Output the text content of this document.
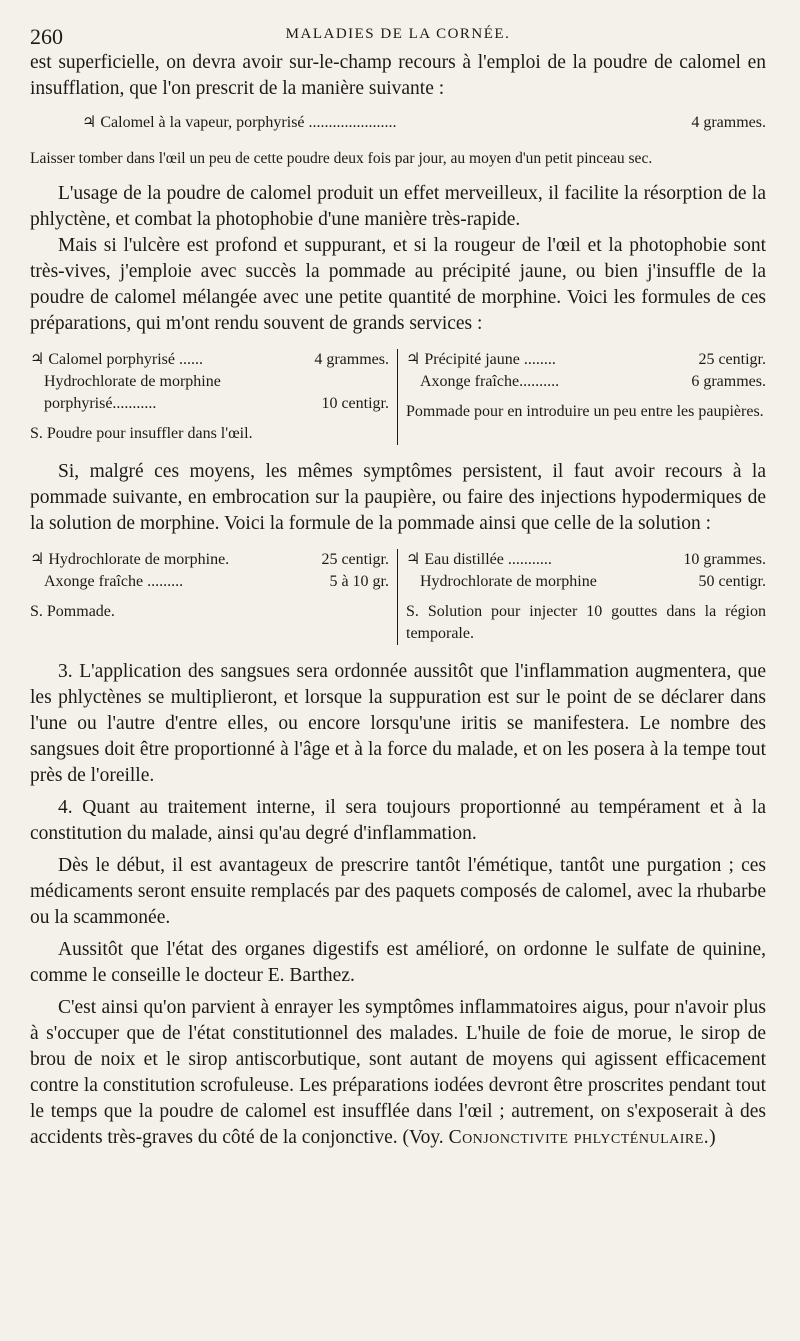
260	MALADIES DE LA CORNÉE.

est superficielle, on devra avoir sur-le-champ recours à l'emploi de la poudre de calomel en insufflation, que l'on prescrit de la manière suivante :

♃ Calomel à la vapeur, porphyrisé ......................	4 grammes.
Laisser tomber dans l'œil un peu de cette poudre deux fois par jour, au moyen d'un petit pinceau sec.

L'usage de la poudre de calomel produit un effet merveilleux, il facilite la résorption de la phlyctène, et combat la photophobie d'une manière très-rapide.

Mais si l'ulcère est profond et suppurant, et si la rougeur de l'œil et la photophobie sont très-vives, j'emploie avec succès la pommade au précipité jaune, ou bien j'insuffle de la poudre de calomel mélangée avec une petite quantité de morphine. Voici les formules de ces préparations, qui m'ont rendu souvent de grands services :

♃ Calomel porphyrisé ......	4 grammes.
Hydrochlorate de morphine
porphyrisé...........	10 centigr.
S. Poudre pour insuffler dans l'œil.
♃ Précipité jaune ........	25 centigr.
Axonge fraîche..........	6 grammes.
Pommade pour en introduire un peu entre les paupières.

Si, malgré ces moyens, les mêmes symptômes persistent, il faut avoir recours à la pommade suivante, en embrocation sur la paupière, ou faire des injections hypodermiques de la solution de morphine. Voici la formule de la pommade ainsi que celle de la solution :

♃ Hydrochlorate de morphine.	25 centigr.
Axonge fraîche .........	5 à 10 gr.
S. Pommade.
♃ Eau distillée ...........	10 grammes.
Hydrochlorate de morphine	50 centigr.
S. Solution pour injecter 10 gouttes dans la région temporale.

3. L'application des sangsues sera ordonnée aussitôt que l'inflammation augmentera, que les phlyctènes se multiplieront, et lorsque la suppuration est sur le point de se déclarer dans l'une ou l'autre d'entre elles, ou encore lorsqu'une iritis se manifestera. Le nombre des sangsues doit être proportionné à l'âge et à la force du malade, et on les posera à la tempe tout près de l'oreille.

4. Quant au traitement interne, il sera toujours proportionné au tempérament et à la constitution du malade, ainsi qu'au degré d'inflammation.

Dès le début, il est avantageux de prescrire tantôt l'émétique, tantôt une purgation ; ces médicaments seront ensuite remplacés par des paquets composés de calomel, avec la rhubarbe ou la scammonée.

Aussitôt que l'état des organes digestifs est amélioré, on ordonne le sulfate de quinine, comme le conseille le docteur E. Barthez.

C'est ainsi qu'on parvient à enrayer les symptômes inflammatoires aigus, pour n'avoir plus à s'occuper que de l'état constitutionnel des malades. L'huile de foie de morue, le sirop de brou de noix et le sirop antiscorbutique, sont autant de moyens qui agissent efficacement contre la constitution scrofuleuse. Les préparations iodées devront être proscrites pendant tout le temps que la poudre de calomel est insufflée dans l'œil ; autrement, on s'exposerait à des accidents très-graves du côté de la conjonctive. (Voy. Conjonctivite phlycténulaire.)
